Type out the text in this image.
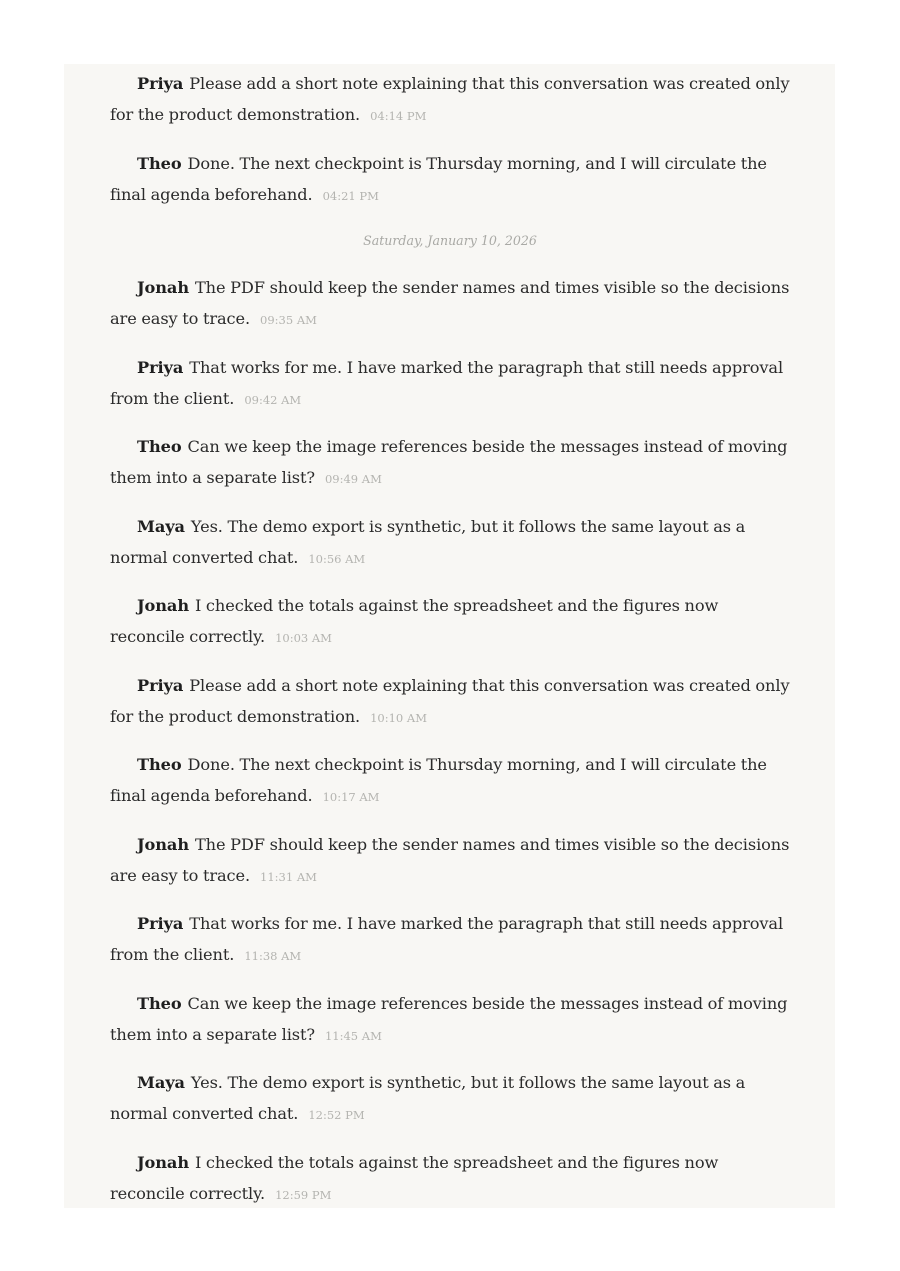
Priya Please add a short note explaining that this conversation was created only for the product demonstration. 04:14 PM

Theo Done. The next checkpoint is Thursday morning, and I will circulate the final agenda beforehand. 04:21 PM

Saturday, January 10, 2026

Jonah The PDF should keep the sender names and times visible so the decisions are easy to trace. 09:35 AM

Priya That works for me. I have marked the paragraph that still needs approval from the client. 09:42 AM

Theo Can we keep the image references beside the messages instead of moving them into a separate list? 09:49 AM

Maya Yes. The demo export is synthetic, but it follows the same layout as a normal converted chat. 10:56 AM

Jonah I checked the totals against the spreadsheet and the figures now reconcile correctly. 10:03 AM

Priya Please add a short note explaining that this conversation was created only for the product demonstration. 10:10 AM

Theo Done. The next checkpoint is Thursday morning, and I will circulate the final agenda beforehand. 10:17 AM

Jonah The PDF should keep the sender names and times visible so the decisions are easy to trace. 11:31 AM

Priya That works for me. I have marked the paragraph that still needs approval from the client. 11:38 AM

Theo Can we keep the image references beside the messages instead of moving them into a separate list? 11:45 AM

Maya Yes. The demo export is synthetic, but it follows the same layout as a normal converted chat. 12:52 PM

Jonah I checked the totals against the spreadsheet and the figures now reconcile correctly. 12:59 PM
